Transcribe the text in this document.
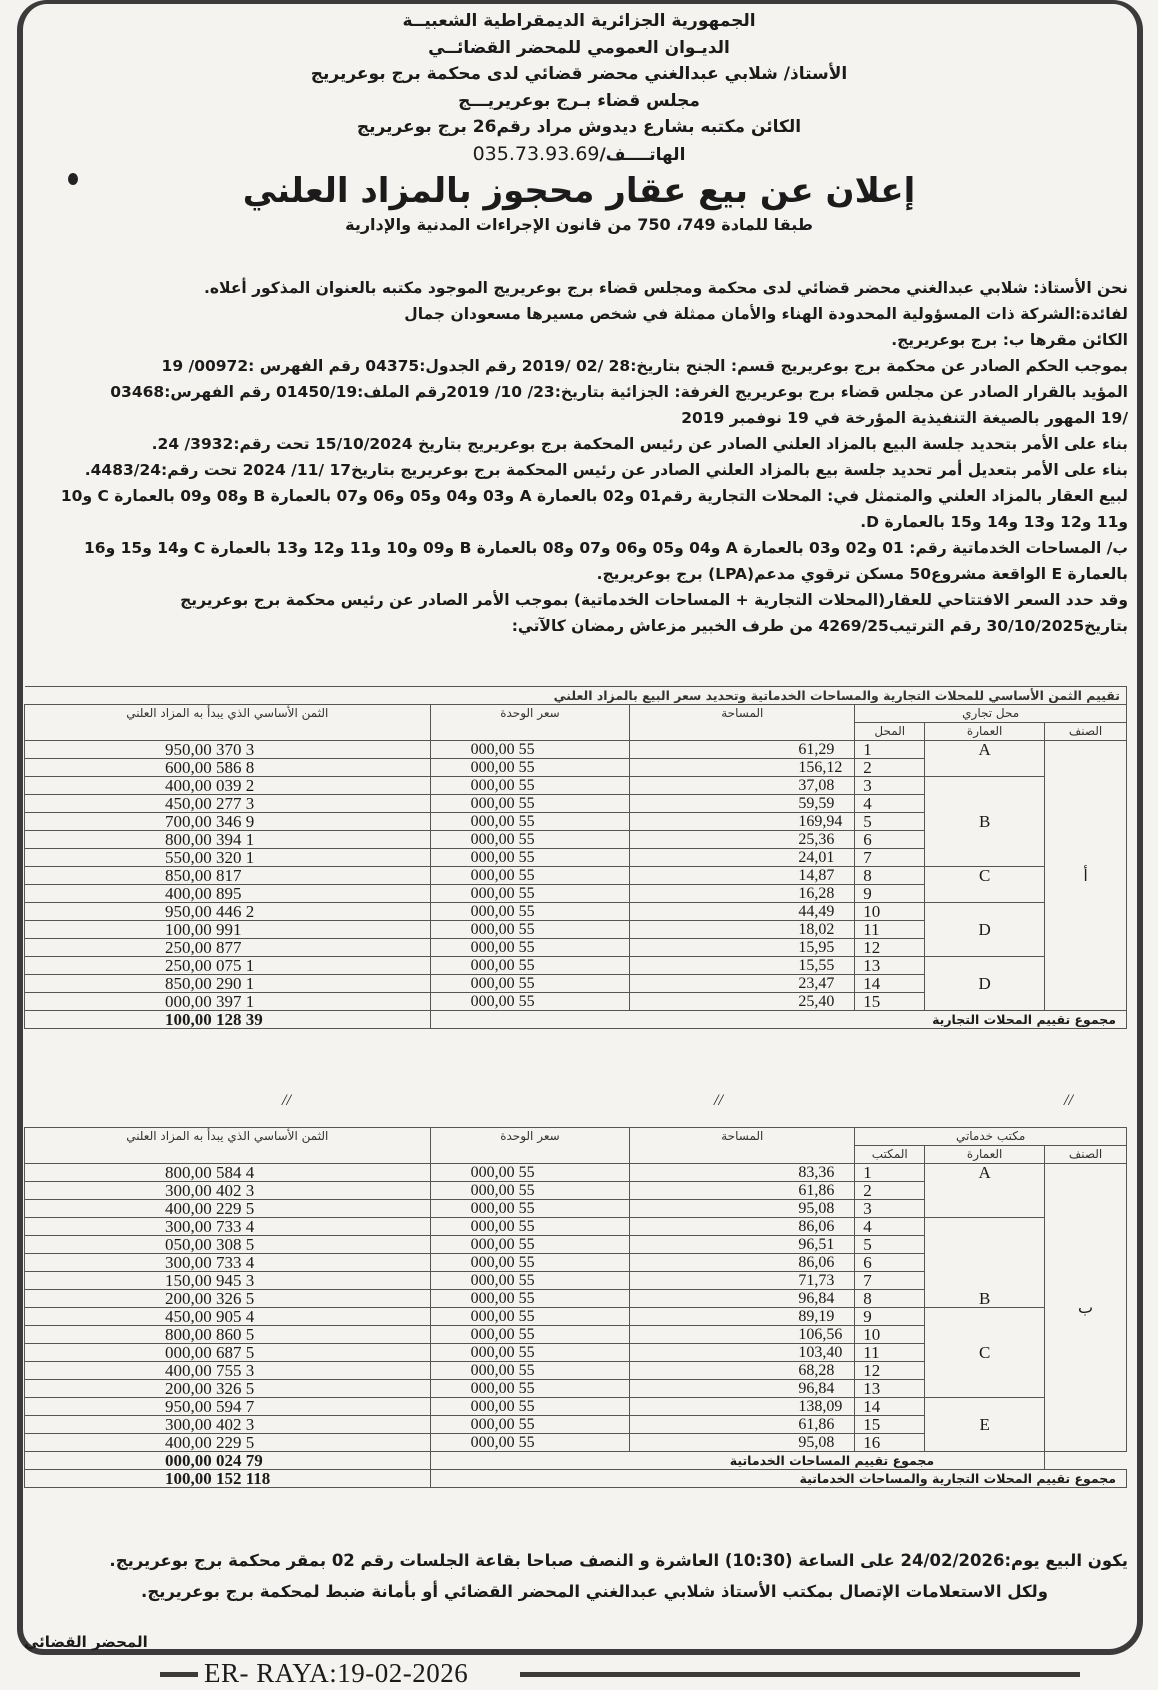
الجمهورية الجزائرية الديمقراطية الشعبيــة
الديـوان العمومي للمحضر القضائــي
الأستاذ/ شلابي عبدالغني محضر قضائي لدى محكمة برج بوعريريج
مجلس قضاء بـرج بوعريريـــج
الكائن مكتبه بشارع ديدوش مراد رقم26 برج بوعريريج
الهاتــــف/035.73.93.69
إعلان عن بيع عقار محجوز بالمزاد العلني
طبقا للمادة 749، 750 من قانون الإجراءات المدنية والإدارية

نحن الأستاذ: شلابي عبدالغني محضر قضائي لدى محكمة ومجلس قضاء برج بوعريريج الموجود مكتبه بالعنوان المذكور أعلاه.

لفائدة:الشركة ذات المسؤولية المحدودة الهناء والأمان ممثلة في شخص مسيرها مسعودان جمال

الكائن مقرها ب: برج بوعريريج.

بموجب الحكم الصادر عن محكمة برج بوعريريج قسم: الجنح بتاريخ:28 /02 /2019 رقم الجدول:04375 رقم الفهرس :00972/ 19

المؤيد بالقرار الصادر عن مجلس قضاء برج بوعريريج الغرفة: الجزائية بتاريخ:23/ 10/ 2019رقم الملف:01450/19 رقم الفهرس:03468

/19 المهور بالصيغة التنفيذية المؤرخة في 19 نوفمبر 2019

بناء على الأمر بتحديد جلسة البيع بالمزاد العلني الصادر عن رئيس المحكمة برج بوعريريج بتاريخ 15/10/2024 تحت رقم:3932/ 24.

بناء على الأمر بتعديل أمر تحديد جلسة بيع بالمزاد العلني الصادر عن رئيس المحكمة برج بوعريريج بتاريخ17 /11/ 2024 تحت رقم:4483/24.

لبيع العقار بالمزاد العلني والمتمثل في: المحلات التجارية رقم01 و02 بالعمارة A و03 و04 و05 و06 و07 بالعمارة B و08 و09 بالعمارة C و10

و11 و12 و13 و14 و15 بالعمارة D.

ب/ المساحات الخدماتية رقم: 01 و02 و03 بالعمارة A و04 و05 و06 و07 و08 بالعمارة B و09 و10 و11 و12 و13 بالعمارة C و14 و15 و16

بالعمارة E الواقعة مشروع50 مسكن ترقوي مدعم(LPA) برج بوعريريج.

وقد حدد السعر الافتتاحي للعقار(المحلات التجارية + المساحات الخدماتية) بموجب الأمر الصادر عن رئيس محكمة برج بوعريريج

بتاريخ30/10/2025 رقم الترتيب4269/25 من طرف الخبير مزعاش رمضان كالآتي:

تقييم الثمن الأساسي للمحلات التجارية والمساحات الخدماتية وتحديد سعر البيع بالمزاد العلني					
محل تجاري			المساحة	سعر الوحدة	الثمن الأساسي الذي يبدأ به المزاد العلني
الصنف	العمارة	المحل			
أ	A	1	61,29	55 000,00	3 370 950,00
		2	156,12	55 000,00	8 586 600,00
	B	3	37,08	55 000,00	2 039 400,00
		4	59,59	55 000,00	3 277 450,00
		5	169,94	55 000,00	9 346 700,00
		6	25,36	55 000,00	1 394 800,00
		7	24,01	55 000,00	1 320 550,00
	C	8	14,87	55 000,00	817 850,00
		9	16,28	55 000,00	895 400,00
	D	10	44,49	55 000,00	2 446 950,00
		11	18,02	55 000,00	991 100,00
		12	15,95	55 000,00	877 250,00
	D	13	15,55	55 000,00	1 075 250,00
		14	23,47	55 000,00	1 290 850,00
		15	25,40	55 000,00	1 397 000,00
مجموع تقييم المحلات التجارية					39 128 100,00
//	//	//
مكتب خدماتي			المساحة	سعر الوحدة	الثمن الأساسي الذي يبدأ به المزاد العلني
الصنف	العمارة	المكتب			
ب	A	1	83,36	55 000,00	4 584 800,00
		2	61,86	55 000,00	3 402 300,00
		3	95,08	55 000,00	5 229 400,00
	B	4	86,06	55 000,00	4 733 300,00
		5	96,51	55 000,00	5 308 050,00
		6	86,06	55 000,00	4 733 300,00
		7	71,73	55 000,00	3 945 150,00
		8	96,84	55 000,00	5 326 200,00
	C	9	89,19	55 000,00	4 905 450,00
		10	106,56	55 000,00	5 860 800,00
		11	103,40	55 000,00	5 687 000,00
		12	68,28	55 000,00	3 755 400,00
		13	96,84	55 000,00	5 326 200,00
	E	14	138,09	55 000,00	7 594 950,00
		15	61,86	55 000,00	3 402 300,00
		16	95,08	55 000,00	5 229 400,00
	مجموع تقييم المساحات الخدماتية				79 024 000,00
مجموع تقييم المحلات التجارية والمساحات الخدماتية					118 152 100,00

يكون البيع يوم:24/02/2026 على الساعة (10:30) العاشرة و النصف صباحا بقاعة الجلسات رقم 02 بمقر محكمة برج بوعريريج.

ولكل الاستعلامات الإتصال بمكتب الأستاذ شلابي عبدالغني المحضر القضائي أو بأمانة ضبط لمحكمة برج بوعريريج.

المحضر القضائي
ER- RAYA:19-02-2026
